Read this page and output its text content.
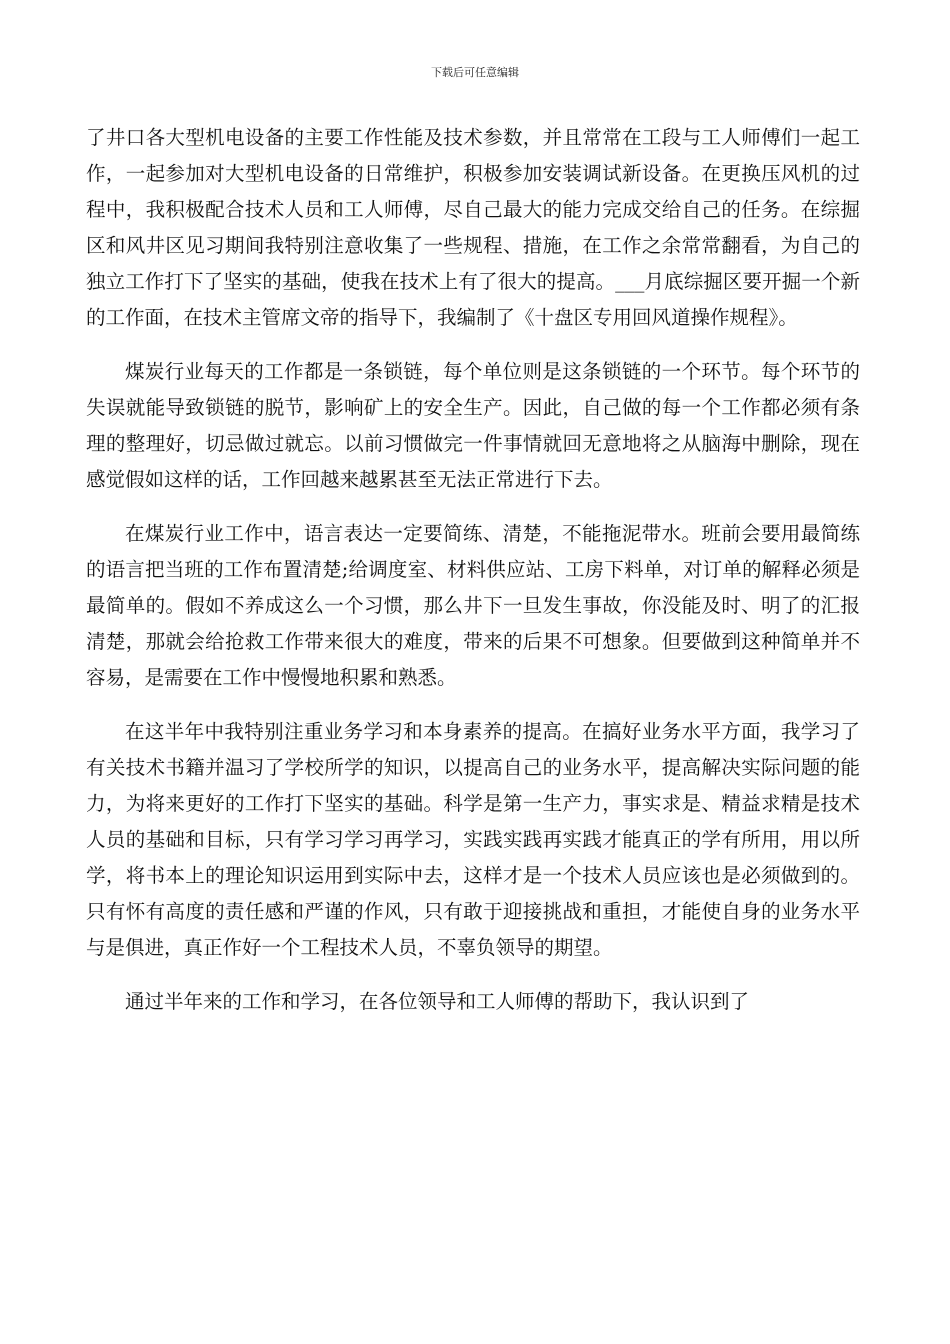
下载后可任意编辑

了井口各大型机电设备的主要工作性能及技术参数，并且常常在工段与工人师傅们一起工作，一起参加对大型机电设备的日常维护，积极参加安装调试新设备。在更换压风机的过程中，我积极配合技术人员和工人师傅，尽自己最大的能力完成交给自己的任务。在综掘区和风井区见习期间我特别注意收集了一些规程、措施，在工作之余常常翻看，为自己的独立工作打下了坚实的基础，使我在技术上有了很大的提高。___月底综掘区要开掘一个新的工作面，在技术主管席文帝的指导下，我编制了《十盘区专用回风道操作规程》。

煤炭行业每天的工作都是一条锁链，每个单位则是这条锁链的一个环节。每个环节的失误就能导致锁链的脱节，影响矿上的安全生产。因此，自己做的每一个工作都必须有条理的整理好，切忌做过就忘。以前习惯做完一件事情就回无意地将之从脑海中删除，现在感觉假如这样的话，工作回越来越累甚至无法正常进行下去。

在煤炭行业工作中，语言表达一定要简练、清楚，不能拖泥带水。班前会要用最简练的语言把当班的工作布置清楚;给调度室、材料供应站、工房下料单，对订单的解释必须是最简单的。假如不养成这么一个习惯，那么井下一旦发生事故，你没能及时、明了的汇报清楚，那就会给抢救工作带来很大的难度，带来的后果不可想象。但要做到这种简单并不容易，是需要在工作中慢慢地积累和熟悉。

在这半年中我特别注重业务学习和本身素养的提高。在搞好业务水平方面，我学习了有关技术书籍并温习了学校所学的知识，以提高自己的业务水平，提高解决实际问题的能力，为将来更好的工作打下坚实的基础。科学是第一生产力，事实求是、精益求精是技术人员的基础和目标，只有学习学习再学习，实践实践再实践才能真正的学有所用，用以所学，将书本上的理论知识运用到实际中去，这样才是一个技术人员应该也是必须做到的。只有怀有高度的责任感和严谨的作风，只有敢于迎接挑战和重担，才能使自身的业务水平与是俱进，真正作好一个工程技术人员，不辜负领导的期望。

通过半年来的工作和学习，在各位领导和工人师傅的帮助下，我认识到了
